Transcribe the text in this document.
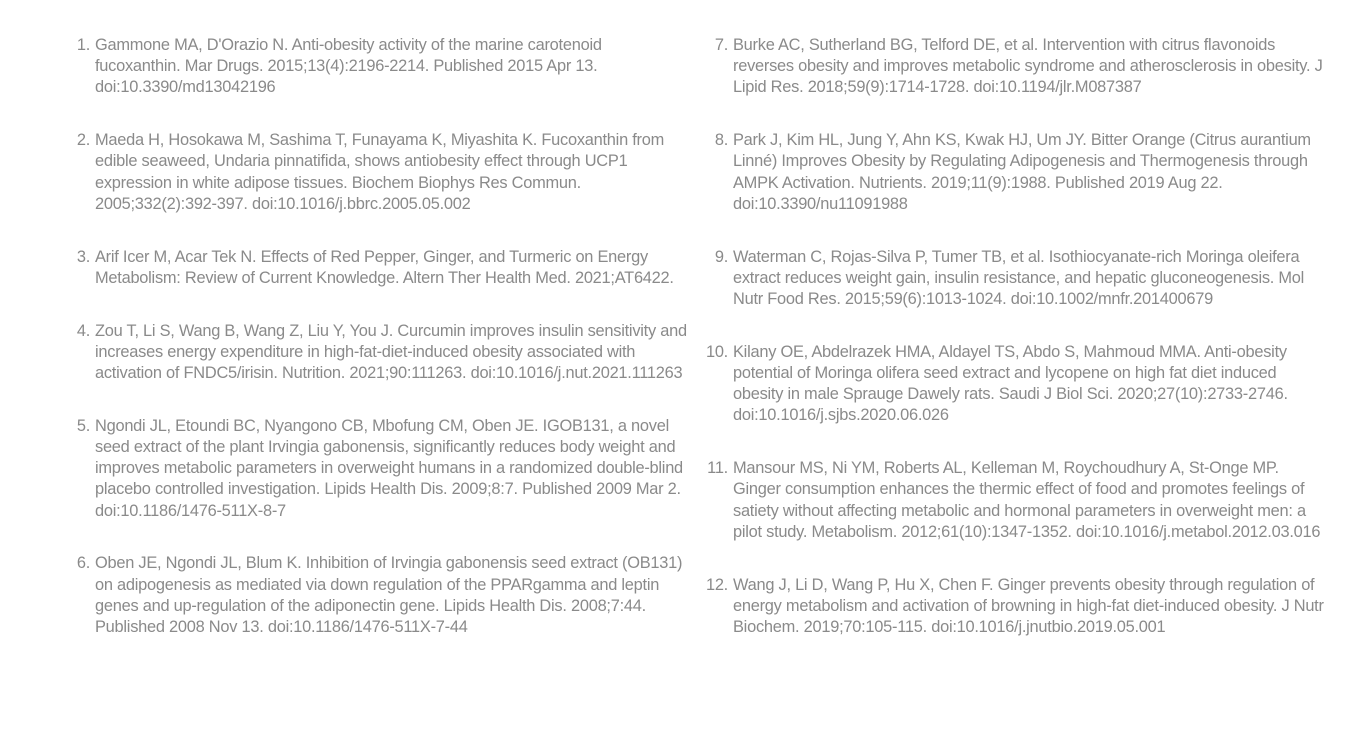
1. Gammone MA, D'Orazio N. Anti-obesity activity of the marine carotenoid fucoxanthin. Mar Drugs. 2015;13(4):2196-2214. Published 2015 Apr 13. doi:10.3390/md13042196
2. Maeda H, Hosokawa M, Sashima T, Funayama K, Miyashita K. Fucoxanthin from edible seaweed, Undaria pinnatifida, shows antiobesity effect through UCP1 expression in white adipose tissues. Biochem Biophys Res Commun. 2005;332(2):392-397. doi:10.1016/j.bbrc.2005.05.002
3. Arif Icer M, Acar Tek N. Effects of Red Pepper, Ginger, and Turmeric on Energy Metabolism: Review of Current Knowledge. Altern Ther Health Med. 2021;AT6422.
4. Zou T, Li S, Wang B, Wang Z, Liu Y, You J. Curcumin improves insulin sensitivity and increases energy expenditure in high-fat-diet-induced obesity associated with activation of FNDC5/irisin. Nutrition. 2021;90:111263. doi:10.1016/j.nut.2021.111263
5. Ngondi JL, Etoundi BC, Nyangono CB, Mbofung CM, Oben JE. IGOB131, a novel seed extract of the plant Irvingia gabonensis, significantly reduces body weight and improves metabolic parameters in overweight humans in a randomized double-blind placebo controlled investigation. Lipids Health Dis. 2009;8:7. Published 2009 Mar 2. doi:10.1186/1476-511X-8-7
6. Oben JE, Ngondi JL, Blum K. Inhibition of Irvingia gabonensis seed extract (OB131) on adipogenesis as mediated via down regulation of the PPARgamma and leptin genes and up-regulation of the adiponectin gene. Lipids Health Dis. 2008;7:44. Published 2008 Nov 13. doi:10.1186/1476-511X-7-44
7. Burke AC, Sutherland BG, Telford DE, et al. Intervention with citrus flavonoids reverses obesity and improves metabolic syndrome and atherosclerosis in obesity. J Lipid Res. 2018;59(9):1714-1728. doi:10.1194/jlr.M087387
8. Park J, Kim HL, Jung Y, Ahn KS, Kwak HJ, Um JY. Bitter Orange (Citrus aurantium Linné) Improves Obesity by Regulating Adipogenesis and Thermogenesis through AMPK Activation. Nutrients. 2019;11(9):1988. Published 2019 Aug 22. doi:10.3390/nu11091988
9. Waterman C, Rojas-Silva P, Tumer TB, et al. Isothiocyanate-rich Moringa oleifera extract reduces weight gain, insulin resistance, and hepatic gluconeogenesis. Mol Nutr Food Res. 2015;59(6):1013-1024. doi:10.1002/mnfr.201400679
10. Kilany OE, Abdelrazek HMA, Aldayel TS, Abdo S, Mahmoud MMA. Anti-obesity potential of Moringa olifera seed extract and lycopene on high fat diet induced obesity in male Sprauge Dawely rats. Saudi J Biol Sci. 2020;27(10):2733-2746. doi:10.1016/j.sjbs.2020.06.026
11. Mansour MS, Ni YM, Roberts AL, Kelleman M, Roychoudhury A, St-Onge MP. Ginger consumption enhances the thermic effect of food and promotes feelings of satiety without affecting metabolic and hormonal parameters in overweight men: a pilot study. Metabolism. 2012;61(10):1347-1352. doi:10.1016/j.metabol.2012.03.016
12. Wang J, Li D, Wang P, Hu X, Chen F. Ginger prevents obesity through regulation of energy metabolism and activation of browning in high-fat diet-induced obesity. J Nutr Biochem. 2019;70:105-115. doi:10.1016/j.jnutbio.2019.05.001
